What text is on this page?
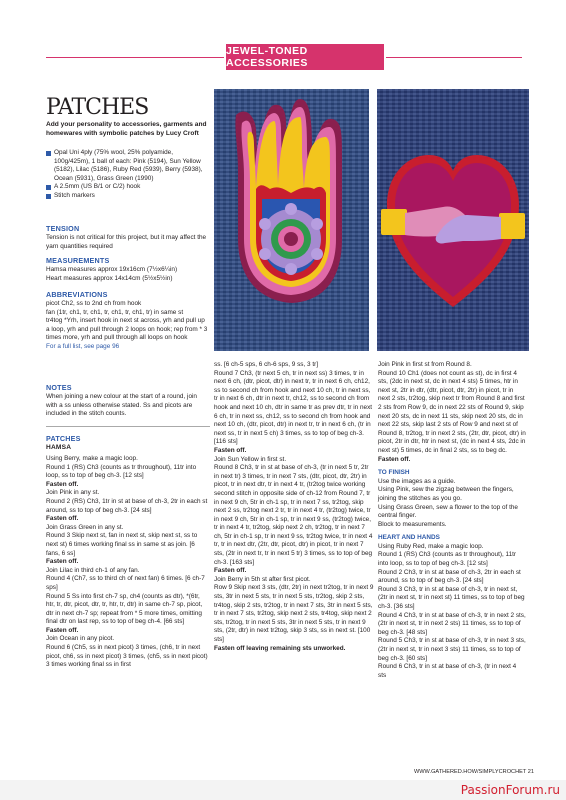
JEWEL-TONED ACCESSORIES
PATCHES
Add your personality to accessories, garments and homewares with symbolic patches by Lucy Croft
Opal Uni 4ply (75% wool, 25% polyamide, 100g/425m), 1 ball of each: Pink (5194), Sun Yellow (5182), Lilac (5186), Ruby Red (5939), Berry (5938), Ocean (5931), Grass Green (1990)
A 2.5mm (US B/1 or C/2) hook
Stitch markers
TENSION
Tension is not critical for this project, but it may affect the yarn quantities required
MEASUREMENTS

Hamsa measures approx 19x16cm (7½x6¼in)

Heart measures approx 14x14cm (5½x5½in)

ABBREVIATIONS

picot Ch2, ss to 2nd ch from hook

fan (1tr, ch1, tr, ch1, tr, ch1, tr, ch1, tr) in same st

tr4tog *Yrh, insert hook in next st across, yrh and pull up a loop, yrh and pull through 2 loops on hook; rep from * 3 times more, yrh and pull through all loops on hook

For a full list, see page 96

NOTES
When joining a new colour at the start of a round, join with a ss unless otherwise stated. Ss and picots are included in the stitch counts.
PATCHES
HAMSA

Using Berry, make a magic loop.

Round 1 (RS) Ch3 (counts as tr throughout), 11tr into loop, ss to top of beg ch-3. [12 sts]

Fasten off.

Join Pink in any st.

Round 2 (RS) Ch3, 1tr in st at base of ch-3, 2tr in each st around, ss to top of beg ch-3. [24 sts]

Fasten off.

Join Grass Green in any st.

Round 3 Skip next st, fan in next st, skip next st, ss to next st) 6 times working final ss in same st as join. [6 fans, 6 ss]

Fasten off.

Join Lilac in third ch-1 of any fan.

Round 4 (Ch7, ss to third ch of next fan) 6 times. [6 ch-7 sps]

Round 5 Ss into first ch-7 sp, ch4 (counts as dtr), *(6tr, htr, tr, dtr, picot, dtr, tr, htr, tr, dtr) in same ch-7 sp, picot, dtr in next ch-7 sp; repeat from * 5 more times, omitting final dtr on last rep, ss to top of beg ch-4. [66 sts]

Fasten off.

Join Ocean in any picot.

Round 6 (Ch5, ss in next picot) 3 times, (ch6, tr in next picot, ch6, ss in next picot) 3 times, (ch5, ss in next picot) 3 times working final ss in first

ss. [6 ch-5 sps, 6 ch-6 sps, 9 ss, 3 tr]

Round 7 Ch3, (tr next 5 ch, tr in next ss) 3 times, tr in next 6 ch, (dtr, picot, dtr) in next tr, tr in next 6 ch, ch12, ss to second ch from hook and next 10 ch, tr in next ss, tr in next 6 ch, dtr in next tr, ch12, ss to second ch from hook and next 10 ch, dtr in same tr as prev dtr, tr in next 6 ch, tr in next ss, ch12, ss to second ch from hook and next 10 ch, (dtr, picot, dtr) in next tr, tr in next 6 ch, (tr in next ss, tr in next 5 ch) 3 times, ss to top of beg ch-3. [116 sts]

Fasten off.

Join Sun Yellow in first st.

Round 8 Ch3, tr in st at base of ch-3, (tr in next 5 tr, 2tr in next tr) 3 times, tr in next 7 sts, (dtr, picot, dtr, 2tr) in picot, tr in next dtr, tr in next 4 tr, (tr2tog twice working second stitch in opposite side of ch-12 from Round 7, tr in next 9 ch, 5tr in ch-1 sp, tr in next 7 ss, tr2tog, skip next 2 ss, tr2tog next 2 tr, tr in next 4 tr, (tr2tog) twice, tr in next 9 ch, 5tr in ch-1 sp, tr in next 9 ss, (tr2tog) twice, tr in next 4 tr, tr2tog, skip next 2 ch, tr2tog, tr in next 7 ch, 5tr in ch-1 sp, tr in next 9 ss, tr2tog twice, tr in next 4 tr, tr in next dtr, (2tr, dtr, picot, dtr) in picot, tr in next 7 sts, (2tr in next tr, tr in next 5 tr) 3 times, ss to top of beg ch-3. [163 sts]

Fasten off.

Join Berry in 5th st after first picot.

Row 9 Skip next 3 sts, (dtr, 2tr) in next tr2tog, tr in next 9 sts, 3tr in next 5 sts, tr in next 5 sts, tr2tog, skip 2 sts, tr4tog, skip 2 sts, tr2tog, tr in next 7 sts, 3tr in next 5 sts, tr in next 7 sts, tr2tog, skip next 2 sts, tr4tog, skip next 2 sts, tr2tog, tr in next 5 sts, 3tr in next 5 sts, tr in next 9 sts, (2tr, dtr) in next tr2tog, skip 3 sts, ss in next st. [100 sts]

Fasten off leaving remaining sts unworked.

Join Pink in first st from Round 8.

Round 10 Ch1 (does not count as st), dc in first 4 sts, (2dc in next st, dc in next 4 sts) 5 times, htr in next st, 2tr in dtr, (dtr, picot, dtr, 2tr) in picot, tr in next 2 sts, tr2tog, skip next tr from Round 8 and first 2 sts from Row 9, dc in next 22 sts of Round 9, skip next 20 sts, dc in next 11 sts, skip next 20 sts, dc in next 22 sts, skip last 2 sts of Row 9 and next st of Round 8, tr2tog, tr in next 2 sts, (2tr, dtr, picot, dtr) in picot, 2tr in dtr, htr in next st, (dc in next 4 sts, 2dc in next st) 5 times, dc in final 2 sts, ss to beg dc.

Fasten off.

TO FINISH

Use the images as a guide.

Using Pink, sew the zigzag between the fingers, joining the stitches as you go.

Using Grass Green, sew a flower to the top of the central finger.

Block to measurements.

HEART AND HANDS

Using Ruby Red, make a magic loop.

Round 1 (RS) Ch3 (counts as tr throughout), 11tr into loop, ss to top of beg ch-3. [12 sts]

Round 2 Ch3, tr in st at base of ch-3, 2tr in each st around, ss to top of beg ch-3. [24 sts]

Round 3 Ch3, tr in st at base of ch-3, tr in next st, (2tr in next st, tr in next st) 11 times, ss to top of beg ch-3. [36 sts]

Round 4 Ch3, tr in st at base of ch-3, tr in next 2 sts, (2tr in next st, tr in next 2 sts) 11 times, ss to top of beg ch-3. [48 sts]

Round 5 Ch3, tr in st at base of ch-3, tr in next 3 sts, (2tr in next st, tr in next 3 sts) 11 times, ss to top of beg ch-3. [60 sts]

Round 6 Ch3, tr in st at base of ch-3, (tr in next 4 sts

WWW.GATHERED.HOW/SIMPLYCROCHET 21
PassionForum.ru
